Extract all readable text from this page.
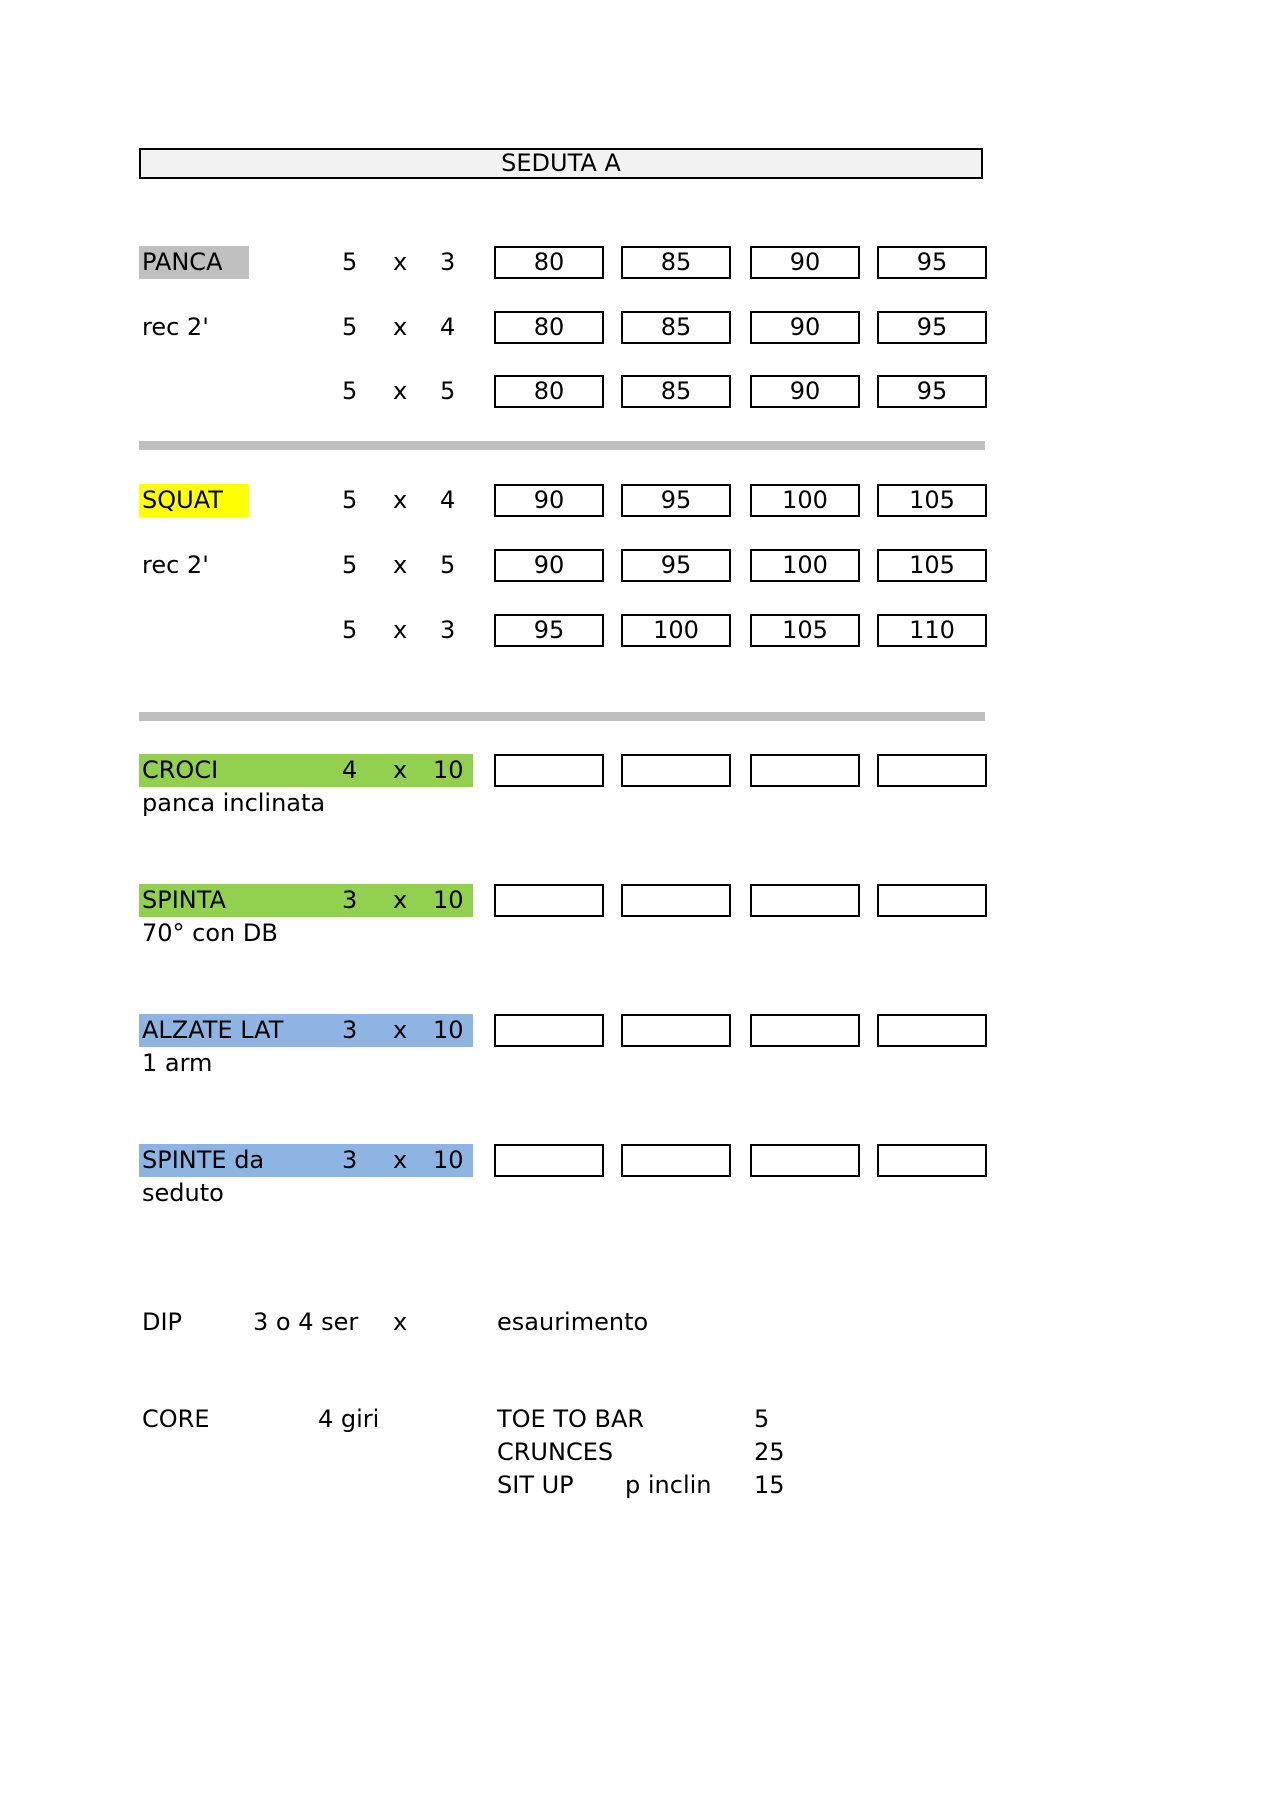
SEDUTA A
PANCA
rec 2'
5 x 3	80	85	90	95
5 x 4	80	85	90	95
5 x 5	80	85	90	95
SQUAT
rec 2'
5 x 4	90	95	100	105
5 x 5	90	95	100	105
5 x 3	95	100	105	110
CROCI	4 x 10
panca inclinata
SPINTA	3 x 10
70° con DB
ALZATE LAT 3 x 10
1 arm
SPINTE da	3 x 10
seduto
DIP	3 o 4 ser x	esaurimento
CORE	4 giri	TOE TO BAR	5
CRUNCES	25
SIT UP p inclin 15
